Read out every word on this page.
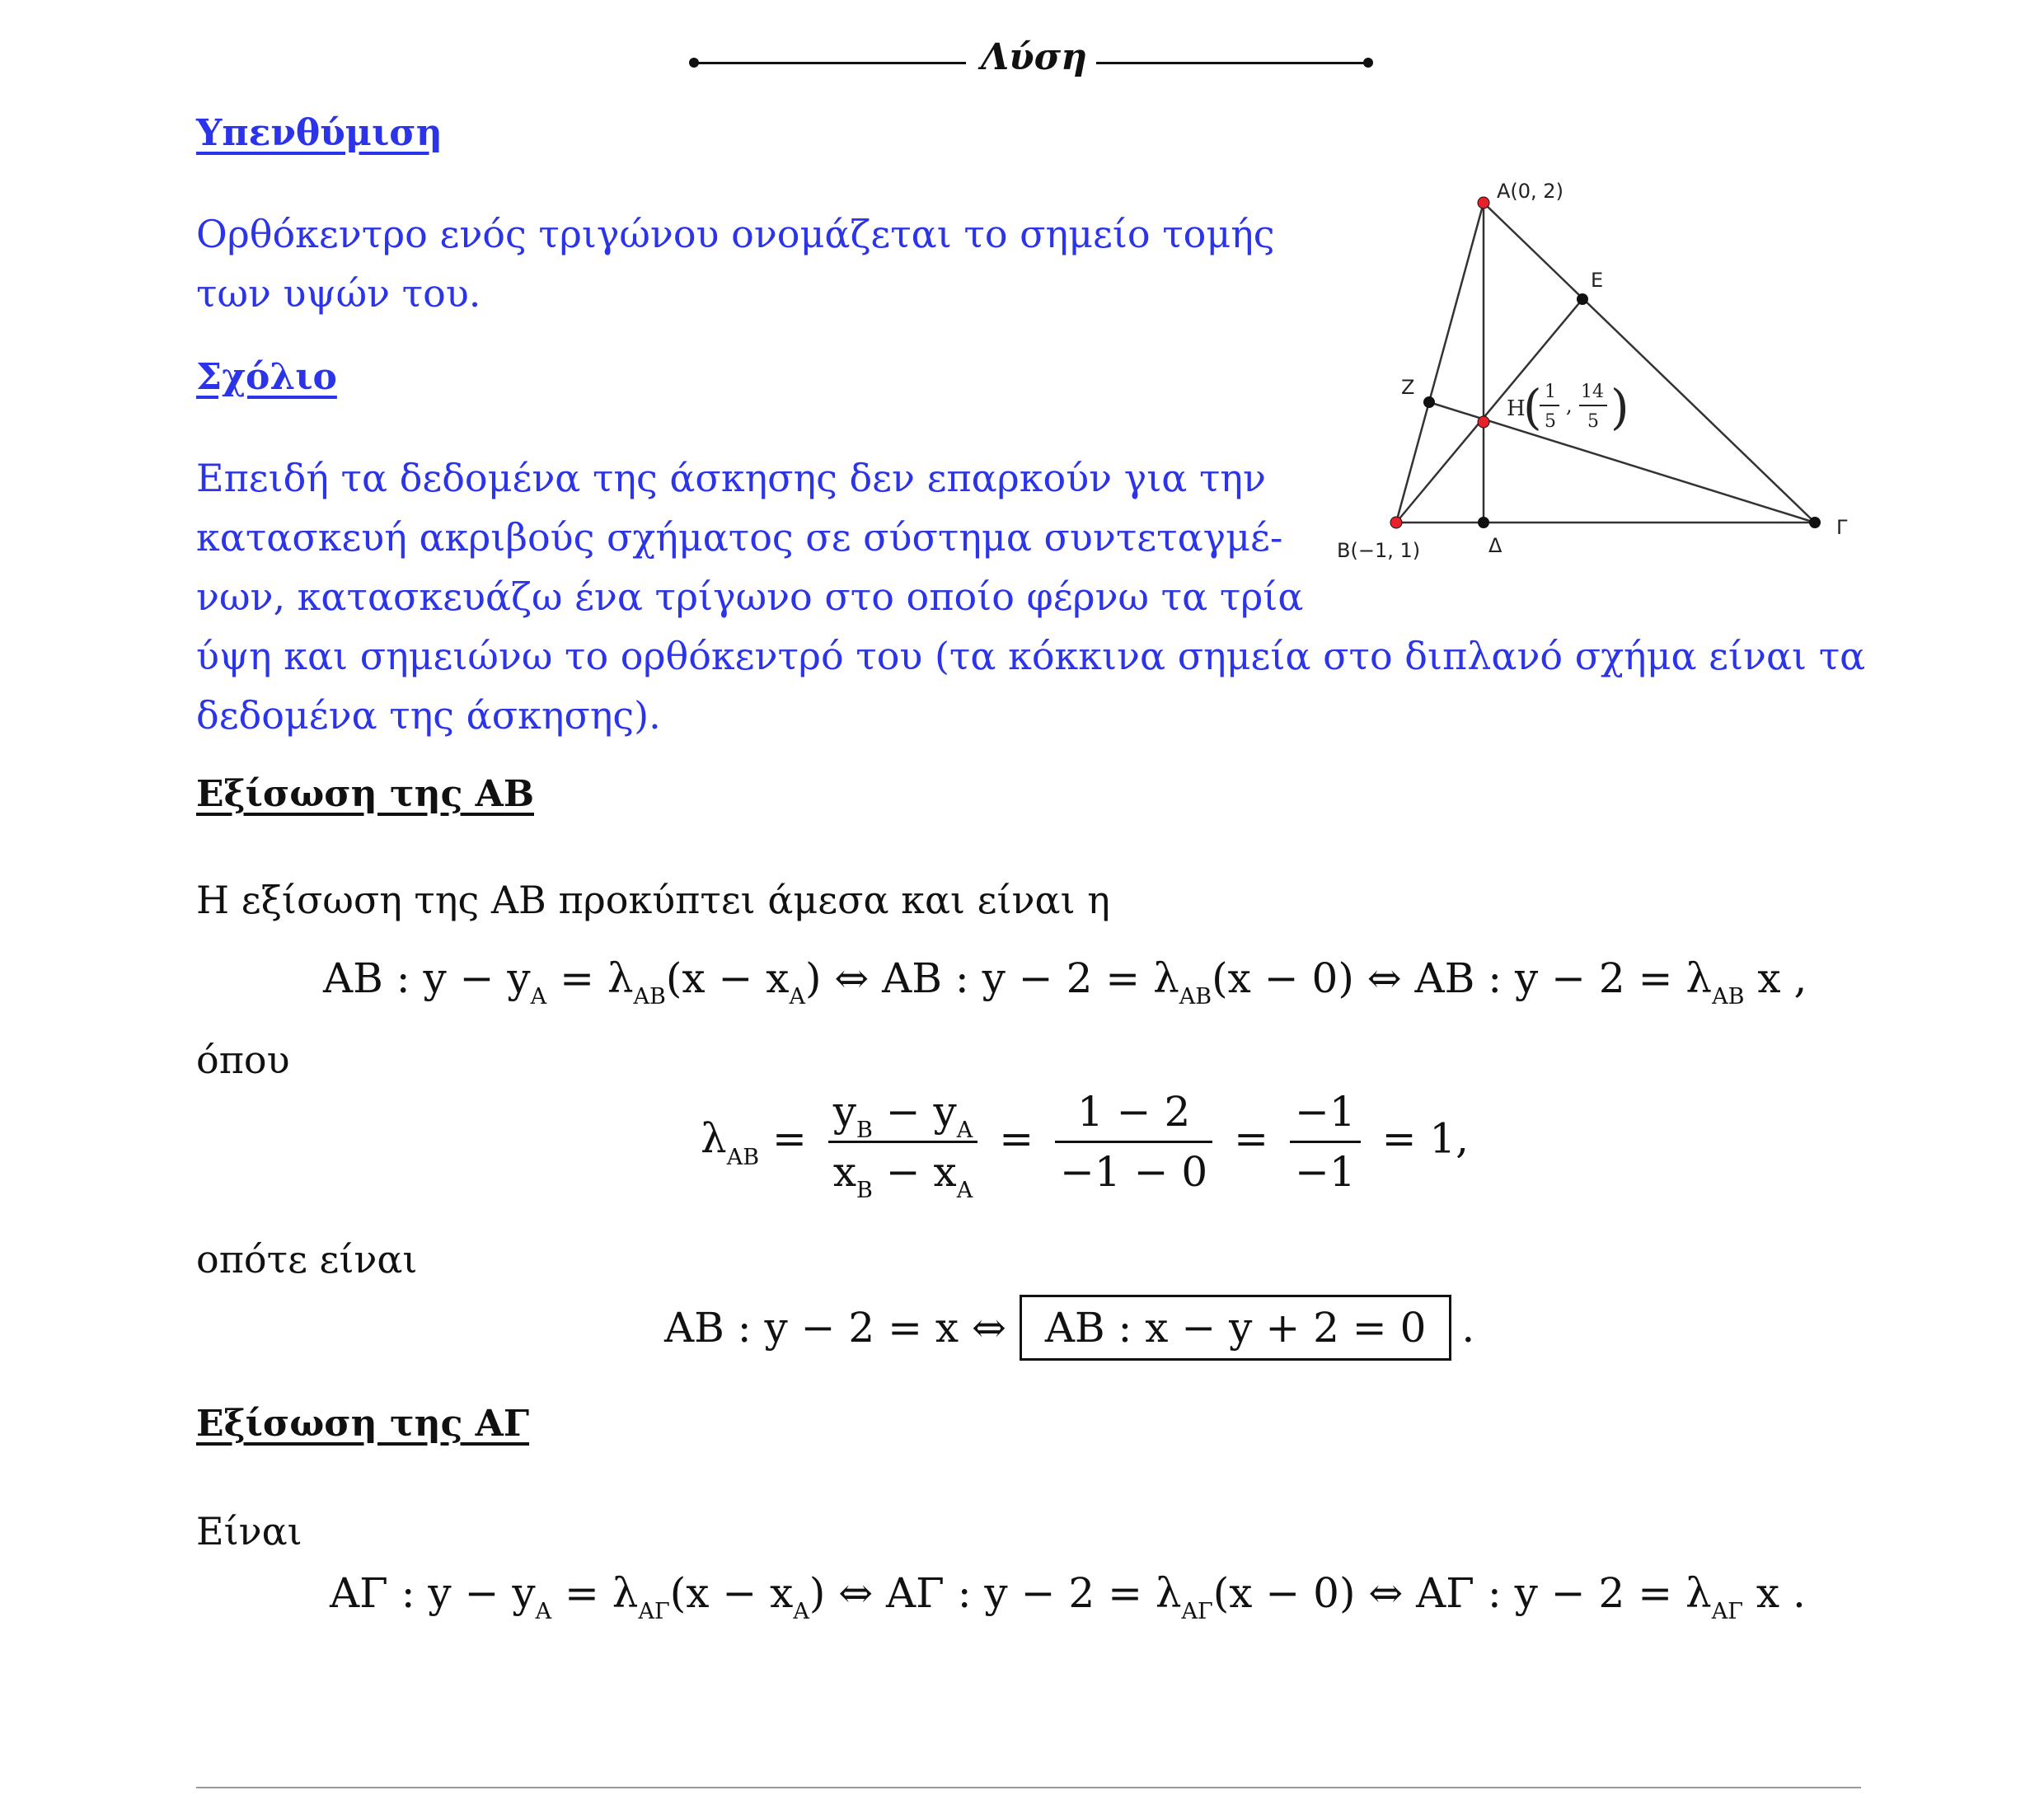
Λύση
Υπενθύμιση
Ορθόκεντρο ενός τριγώνου ονομάζεται το σημείο τομής
των υψών του.
Σχόλιο
Επειδή τα δεδομένα της άσκησης δεν επαρκούν για την
κατασκευή ακριβούς σχήματος σε σύστημα συντεταγμέ-
νων, κατασκευάζω ένα τρίγωνο στο οποίο φέρνω τα τρία
ύψη και σημειώνω το ορθόκεντρό του (τα κόκκινα σημεία στο διπλανό σχήμα είναι τα
δεδομένα της άσκησης).
A(0, 2)
E
Z
B(−1, 1)	Δ
Γ
H
( 1
5
,
14
5 )
Εξίσωση της ΑΒ
Η εξίσωση της ΑΒ προκύπτει άμεσα και είναι η
AB : $y - y_A = \lambda_{AB}(x - x_A)$ ⇔ AB : $y - 2 = \lambda_{AB}(x - 0)$ ⇔ AB : $y - 2 = \lambda_{AB}$ x ,
όπου
$\lambda_{AB} = \frac{y_B - y_A}{x_B - x_A} = \frac{1 - 2}{-1 - 0} = \frac{-1}{-1} = 1$,
οπότε είναι
AB : y − 2 = x ⇔ AB : x − y + 2 = 0 .
Εξίσωση της ΑΓ
Είναι
AΓ : $y - y_A = \lambda_{A\Gamma}(x - x_A)$ ⇔ AΓ : $y - 2 = \lambda_{A\Gamma}(x - 0)$ ⇔ AΓ : $y - 2 = \lambda_{A\Gamma}$ x .
